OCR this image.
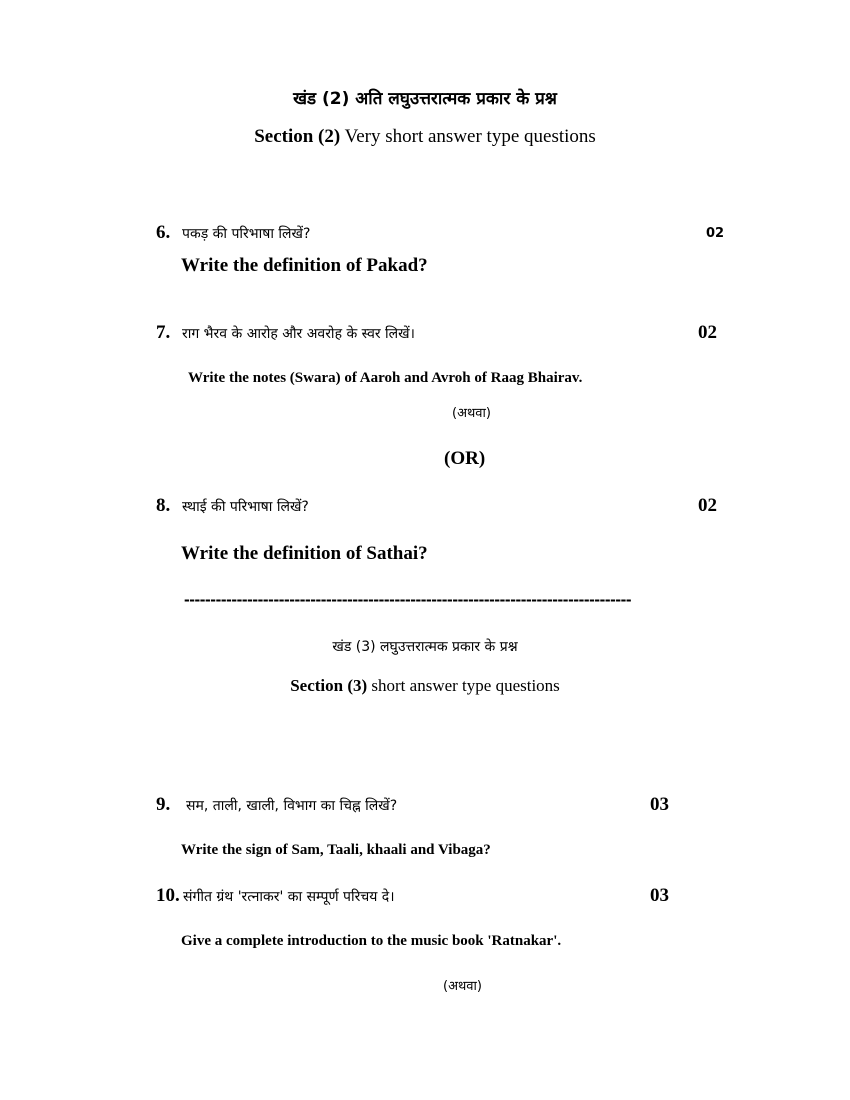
खंड (2) अति लघुउत्तरात्मक प्रकार के प्रश्न
Section (2) Very short answer type questions
6. पकड़ की परिभाषा लिखें?	02
Write the definition of Pakad?
7. राग भैरव के आरोह और अवरोह के स्वर लिखें।	02
Write the notes (Swara) of Aaroh and Avroh of Raag Bhairav.
(अथवा)
(OR)
8. स्थाई की परिभाषा लिखें?	02
Write the definition of Sathai?
-------------------------------------------------------------------------------------
खंड (3) लघुउत्तरात्मक प्रकार के प्रश्न
Section (3) short answer type questions
9. सम, ताली, खाली, विभाग का चिह्न लिखें?	03
Write the sign of Sam, Taali, khaali and Vibaga?
10. संगीत ग्रंथ 'रत्नाकर' का सम्पूर्ण परिचय दे।	03
Give a complete introduction to the music book 'Ratnakar'.
(अथवा)
